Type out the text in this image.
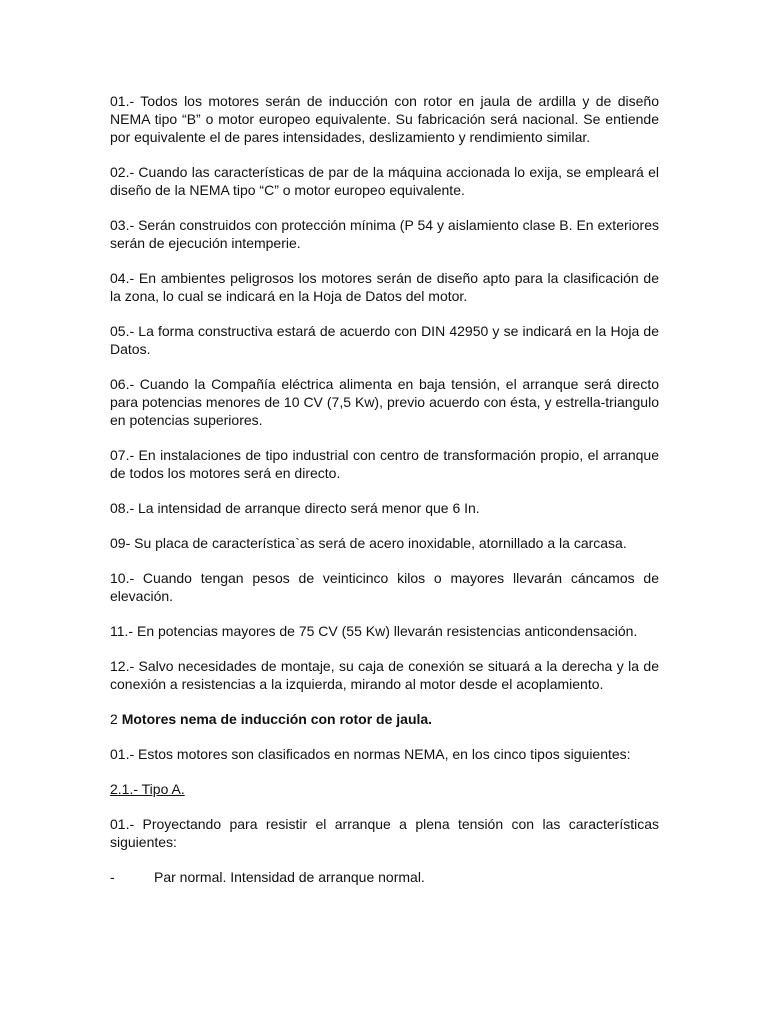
01.- Todos los motores serán de inducción con rotor en jaula de ardilla y de diseño NEMA tipo “B” o motor europeo equivalente. Su fabricación será nacional. Se entiende por equivalente el de pares intensidades, deslizamiento y rendimiento similar.

02.- Cuando las características de par de la máquina accionada lo exija, se empleará el diseño de la NEMA tipo “C” o motor europeo equivalente.

03.- Serán construidos con protección mínima (P 54 y aislamiento clase B. En exteriores serán de ejecución intemperie.

04.- En ambientes peligrosos los motores serán de diseño apto para la clasificación de la zona, lo cual se indicará en la Hoja de Datos del motor.

05.- La forma constructiva estará de acuerdo con DIN 42950 y se indicará en la Hoja de Datos.

06.- Cuando la Compañía eléctrica alimenta en baja tensión, el arranque será directo para potencias menores de 10 CV (7,5 Kw), previo acuerdo con ésta, y estrella-triangulo en potencias superiores.

07.- En instalaciones de tipo industrial con centro de transformación propio, el arranque de todos los motores será en directo.

08.- La intensidad de arranque directo será menor que 6 In.

09- Su placa de característica`as será de acero inoxidable, atornillado a la carcasa.

10.- Cuando tengan pesos de veinticinco kilos o mayores llevarán cáncamos de elevación.

11.- En potencias mayores de 75 CV (55 Kw) llevarán resistencias anticondensación.

12.- Salvo necesidades de montaje, su caja de conexión se situará a la derecha y la de conexión a resistencias a la izquierda, mirando al motor desde el acoplamiento.

2 Motores nema de inducción con rotor de jaula.

01.- Estos motores son clasificados en normas NEMA, en los cinco tipos siguientes:

2.1.- Tipo A.

01.- Proyectando para resistir el arranque a plena tensión con las características siguientes:

-	Par normal. Intensidad de arranque normal.
